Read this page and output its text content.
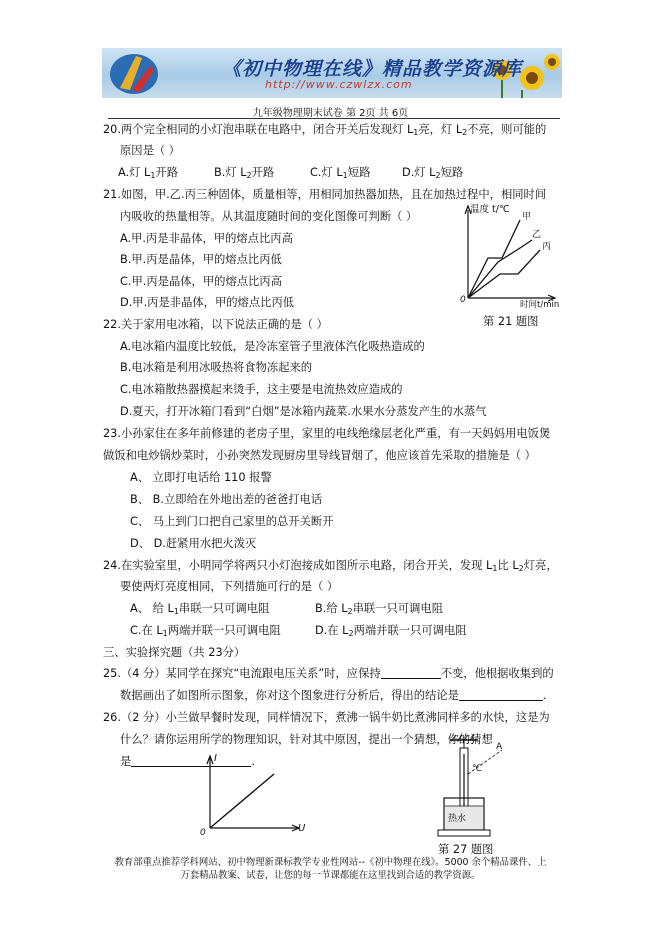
《初中物理在线》精品教学资源库
http://www.czwlzx.com
九年级物理期末试卷 第 2页 共 6页
20.两个完全相同的小灯泡串联在电路中，闭合开关后发现灯 $L_1$亮，灯 $L_2$不亮，则可能的
原因是（ ）
A.灯 $L_1$开路	B.灯 $L_2$开路	C.灯 $L_1$短路	D.灯 $L_2$短路
21.如图，甲.乙.丙三种固体，质量相等，用相同加热器加热，且在加热过程中，相同时间
内吸收的热量相等。从其温度随时间的变化图像可判断（ ）
A.甲.丙是非晶体，甲的熔点比丙高
B.甲.丙是晶体，甲的熔点比丙低
C.甲.丙是晶体，甲的熔点比丙高
D.甲.丙是非晶体，甲的熔点比丙低
温度 t/℃
时间t/min
0
甲
乙
丙
第 21 题图
22.关于家用电冰箱，以下说法正确的是（ ）
A.电冰箱内温度比较低，是冷冻室管子里液体汽化吸热造成的
B.电冰箱是利用冰吸热将食物冻起来的
C.电冰箱散热器摸起来烫手，这主要是电流热效应造成的
D.夏天，打开冰箱门看到“白烟”是冰箱内蔬菜.水果水分蒸发产生的水蒸气
23.小孙家住在多年前修建的老房子里，家里的电线绝缘层老化严重，有一天妈妈用电饭煲
做饭和电炒锅炒菜时，小孙突然发现厨房里导线冒烟了，他应该首先采取的措施是（ ）
A、 立即打电话给 110 报警
B、 B.立即给在外地出差的爸爸打电话
C、 马上到门口把自己家里的总开关断开
D、 D.赶紧用水把火泼灭
24.在实验室里，小明同学将两只小灯泡接成如图所示电路，闭合开关，发现 $L_1$比 $L_2$灯亮，
要使两灯亮度相同，下列措施可行的是（ ）
A、 给 $L_1$串联一只可调电阻	B.给 $L_2$串联一只可调电阻
C.在 $L_1$两端并联一只可调电阻	D.在 $L_2$两端并联一只可调电阻
三、实验探究题（共 23分）
25.（4 分）某同学在探究“电流跟电压关系”时，应保持	不变，他根据收集到的
数据画出了如图所示图象，你对这个图象进行分析后，得出的结论是	.
26.（2 分）小兰做早餐时发现，同样情况下，煮沸一锅牛奶比煮沸同样多的水快，这是为
什么？请你运用所学的物理知识，针对其中原因，提出一个猜想，你的猜想
是	.
I
U
0
℃
A
热水
第 27 题图
教育部重点推荐学科网站、初中物理新课标教学专业性网站--《初中物理在线》。5000 余个精品课件、上
万套精品教案、试卷，让您的每一节课都能在这里找到合适的教学资源。
